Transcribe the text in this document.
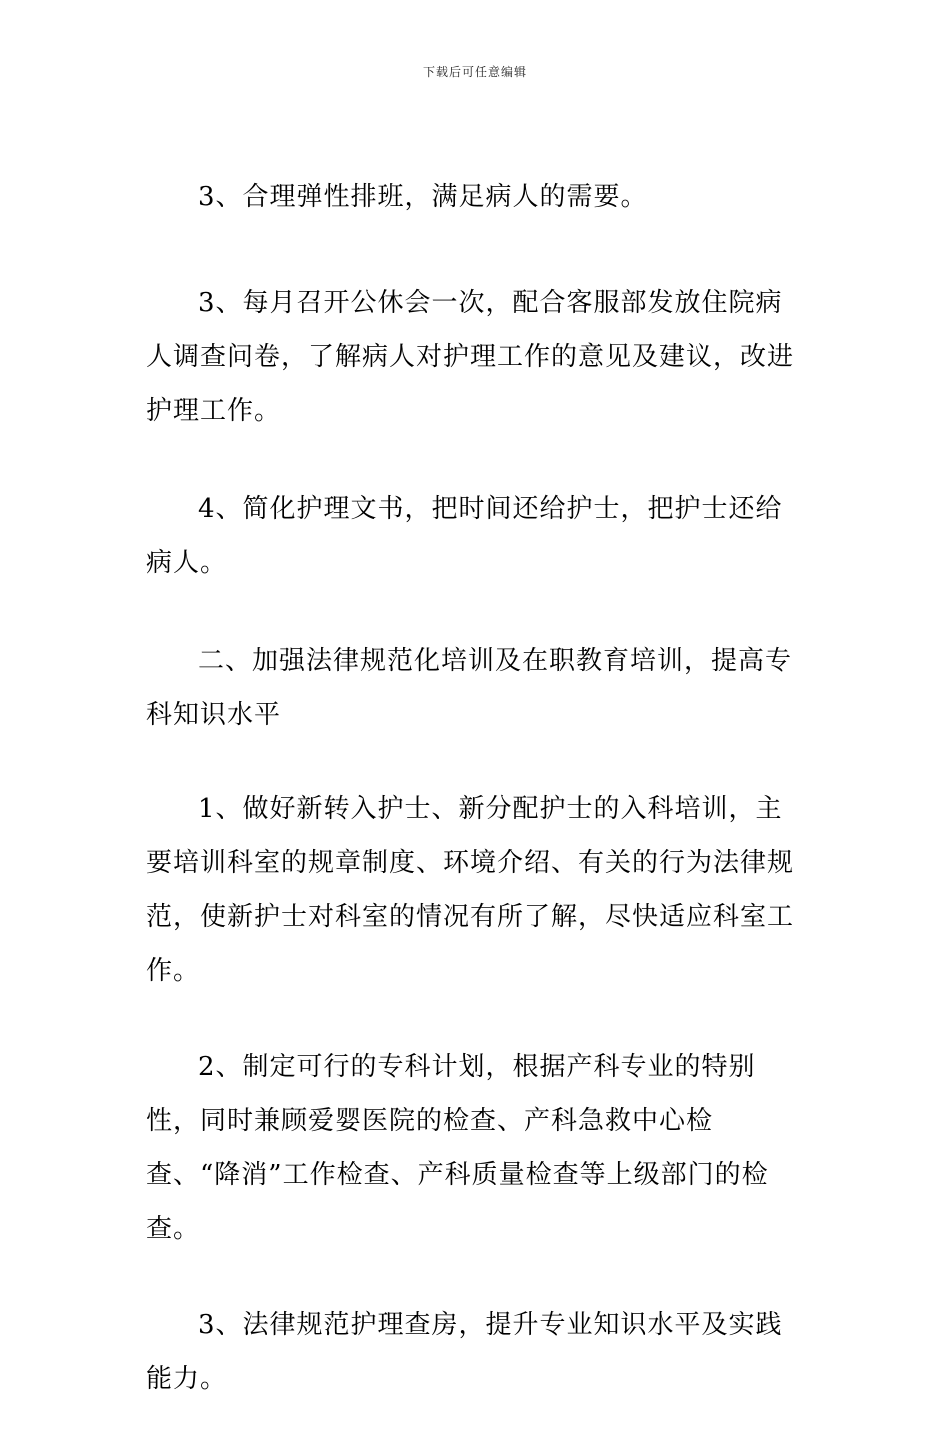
下载后可任意编辑

3、合理弹性排班，满足病人的需要。

3、每月召开公休会一次，配合客服部发放住院病人调查问卷，了解病人对护理工作的意见及建议，改进护理工作。

4、简化护理文书，把时间还给护士，把护士还给病人。

二、加强法律规范化培训及在职教育培训，提高专科知识水平

1、做好新转入护士、新分配护士的入科培训，主要培训科室的规章制度、环境介绍、有关的行为法律规范，使新护士对科室的情况有所了解，尽快适应科室工作。

2、制定可行的专科计划，根据产科专业的特别性，同时兼顾爱婴医院的检查、产科急救中心检查、“降消”工作检查、产科质量检查等上级部门的检查。

3、法律规范护理查房，提升专业知识水平及实践能力。
